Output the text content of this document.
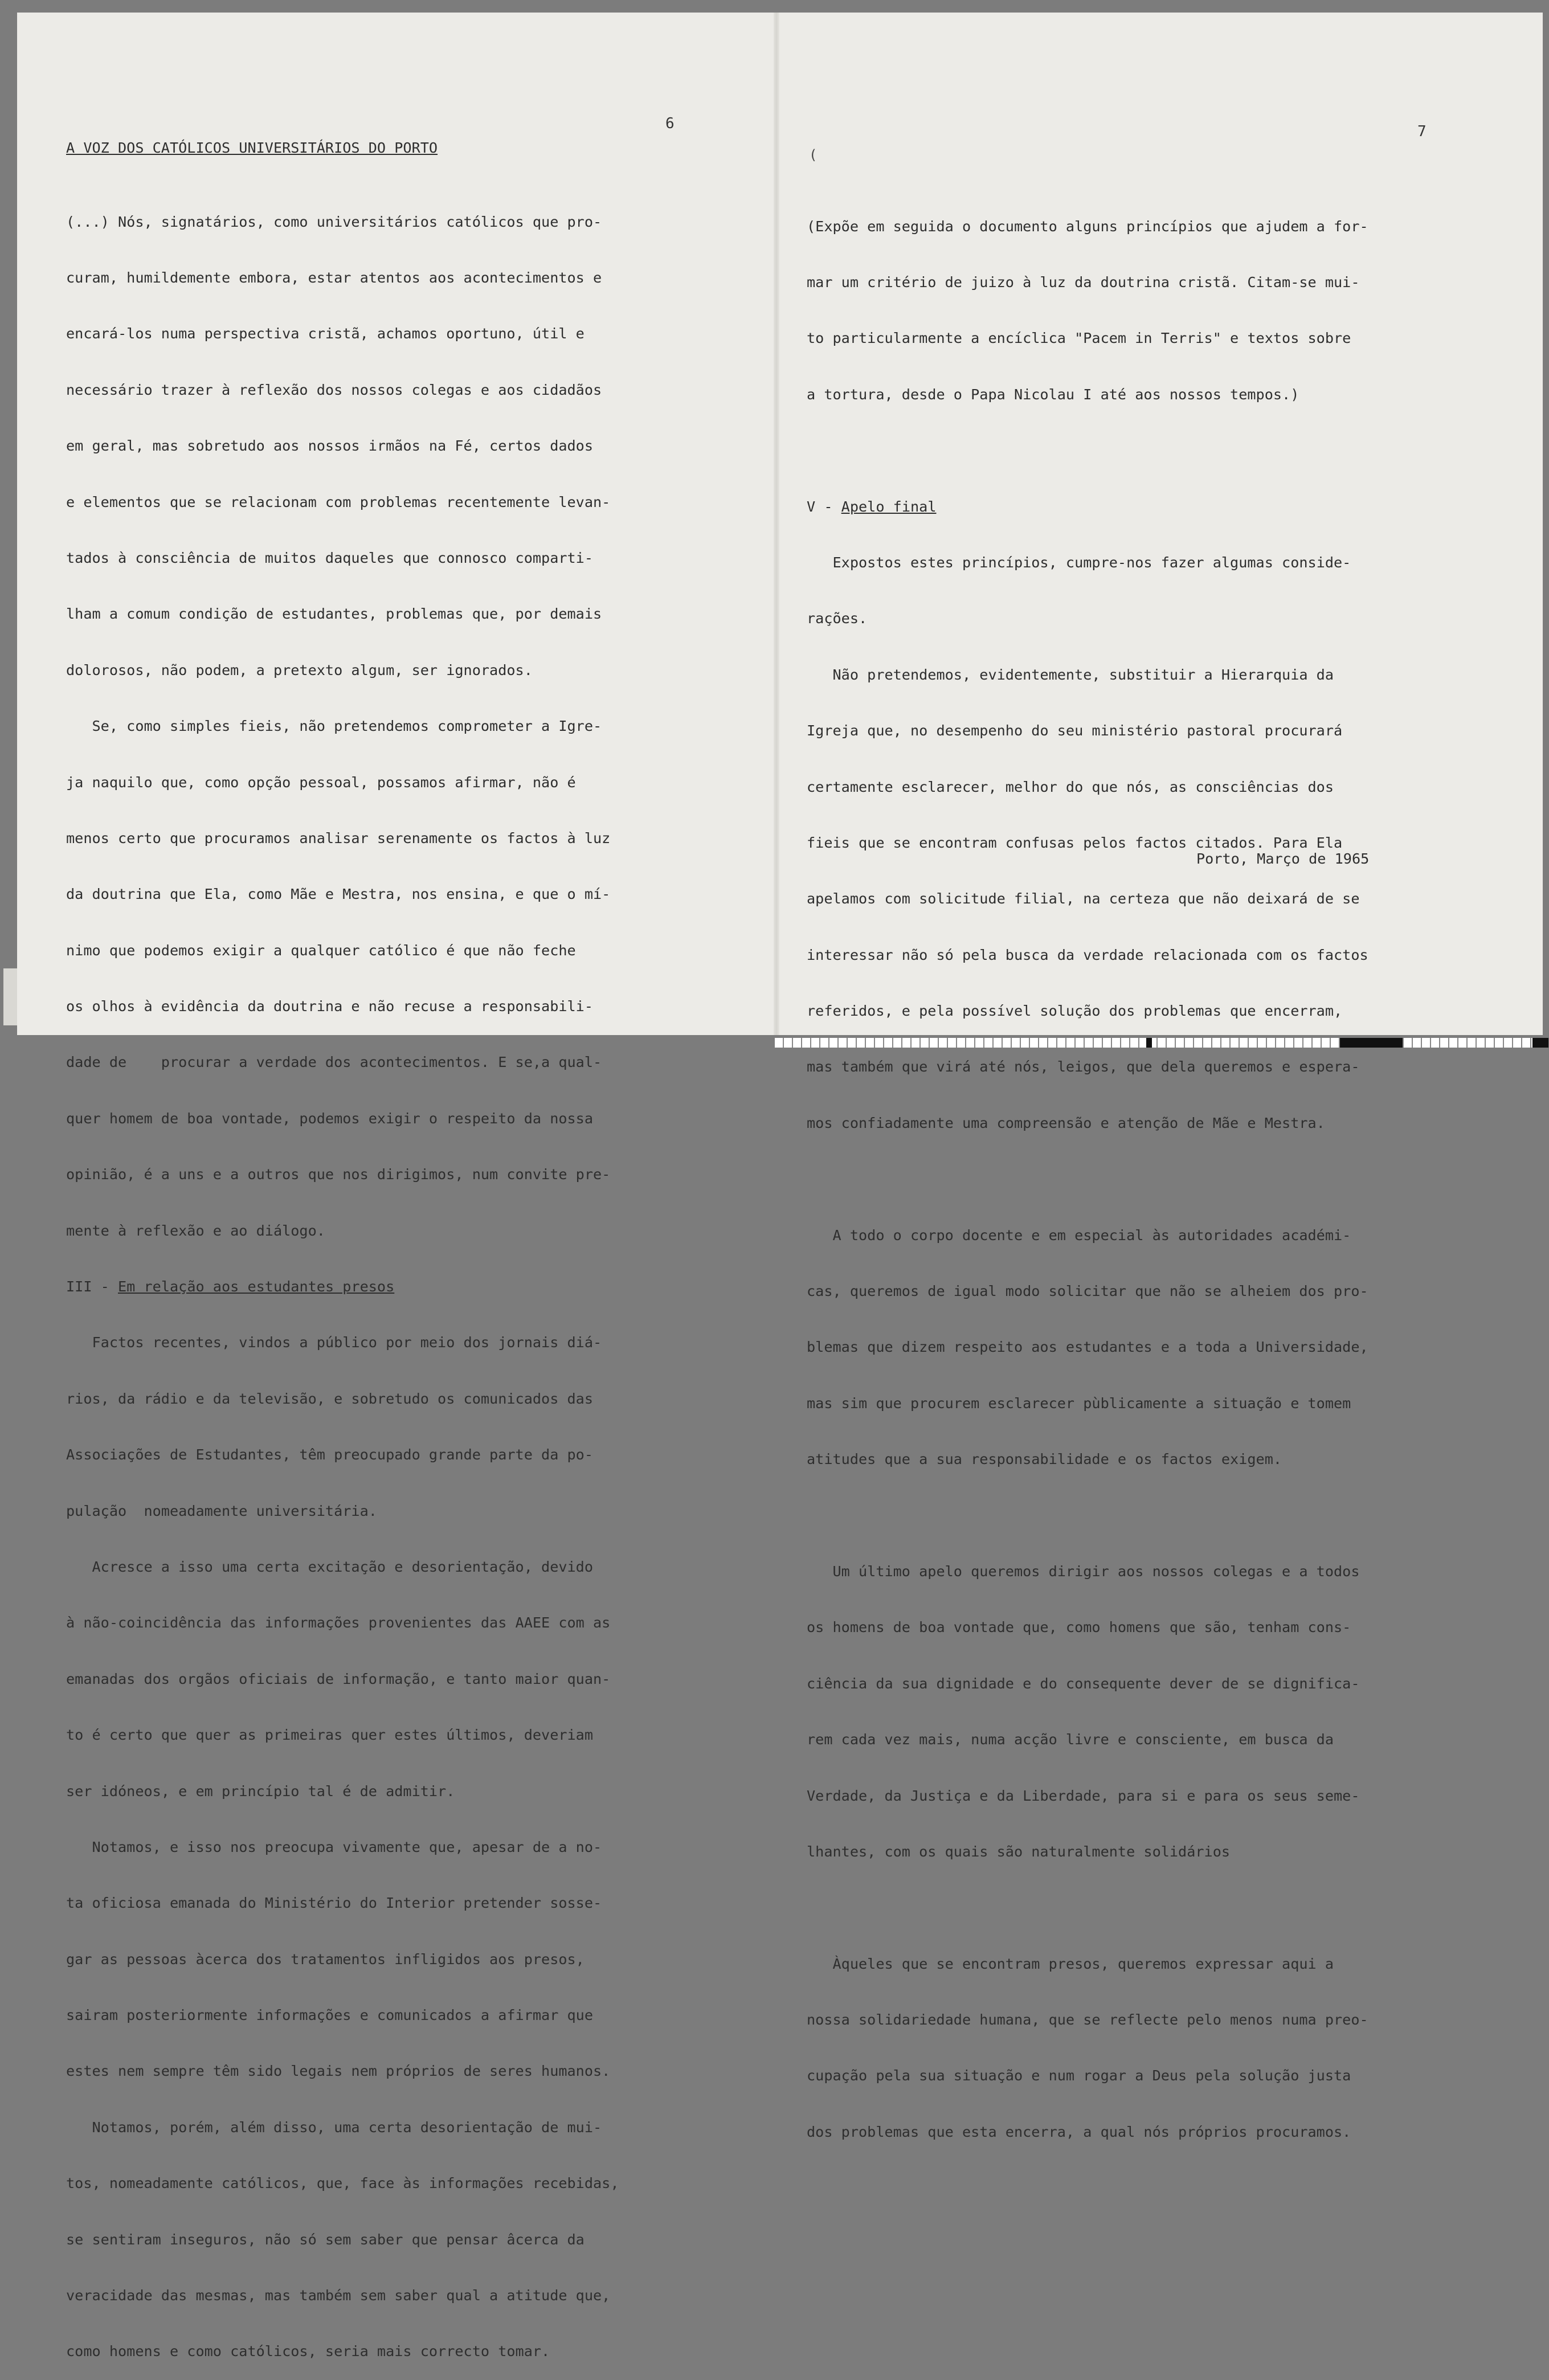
6
A VOZ DOS CATÓLICOS UNIVERSITÁRIOS DO PORTO

(...) Nós, signatários, como universitários católicos que pro-

curam, humildemente embora, estar atentos aos acontecimentos e

encará-los numa perspectiva cristã, achamos oportuno, útil e

necessário trazer à reflexão dos nossos colegas e aos cidadãos

em geral, mas sobretudo aos nossos irmãos na Fé, certos dados

e elementos que se relacionam com problemas recentemente levan-

tados à consciência de muitos daqueles que connosco comparti-

lham a comum condição de estudantes, problemas que, por demais

dolorosos, não podem, a pretexto algum, ser ignorados.

Se, como simples fieis, não pretendemos comprometer a Igre-

ja naquilo que, como opção pessoal, possamos afirmar, não é

menos certo que procuramos analisar serenamente os factos à luz

da doutrina que Ela, como Mãe e Mestra, nos ensina, e que o mí-

nimo que podemos exigir a qualquer católico é que não feche

os olhos à evidência da doutrina e não recuse a responsabili-

dade de    procurar a verdade dos acontecimentos. E se,a qual-

quer homem de boa vontade, podemos exigir o respeito da nossa

opinião, é a uns e a outros que nos dirigimos, num convite pre-

mente à reflexão e ao diálogo.

III - Em relação aos estudantes presos

Factos recentes, vindos a público por meio dos jornais diá-

rios, da rádio e da televisão, e sobretudo os comunicados das

Associações de Estudantes, têm preocupado grande parte da po-

pulação  nomeadamente universitária.

Acresce a isso uma certa excitação e desorientação, devido

à não-coincidência das informações provenientes das AAEE com as

emanadas dos orgãos oficiais de informação, e tanto maior quan-

to é certo que quer as primeiras quer estes últimos, deveriam

ser idóneos, e em princípio tal é de admitir.

Notamos, e isso nos preocupa vivamente que, apesar de a no-

ta oficiosa emanada do Ministério do Interior pretender sosse-

gar as pessoas àcerca dos tratamentos infligidos aos presos,

sairam posteriormente informações e comunicados a afirmar que

estes nem sempre têm sido legais nem próprios de seres humanos.

Notamos, porém, além disso, uma certa desorientação de mui-

tos, nomeadamente católicos, que, face às informações recebidas,

se sentiram inseguros, não só sem saber que pensar âcerca da

veracidade das mesmas, mas também sem saber qual a atitude que,

como homens e como católicos, seria mais correcto tomar.

7
(

(Expõe em seguida o documento alguns princípios que ajudem a for-

mar um critério de juizo à luz da doutrina cristã. Citam-se mui-

to particularmente a encíclica "Pacem in Terris" e textos sobre

a tortura, desde o Papa Nicolau I até aos nossos tempos.)

V - Apelo final

Expostos estes princípios, cumpre-nos fazer algumas conside-

rações.

Não pretendemos, evidentemente, substituir a Hierarquia da

Igreja que, no desempenho do seu ministério pastoral procurará

certamente esclarecer, melhor do que nós, as consciências dos

fieis que se encontram confusas pelos factos citados. Para Ela

apelamos com solicitude filial, na certeza que não deixará de se

interessar não só pela busca da verdade relacionada com os factos

referidos, e pela possível solução dos problemas que encerram,

mas também que virá até nós, leigos, que dela queremos e espera-

mos confiadamente uma compreensão e atenção de Mãe e Mestra.

A todo o corpo docente e em especial às autoridades académi-

cas, queremos de igual modo solicitar que não se alheiem dos pro-

blemas que dizem respeito aos estudantes e a toda a Universidade,

mas sim que procurem esclarecer pùblicamente a situação e tomem

atitudes que a sua responsabilidade e os factos exigem.

Um último apelo queremos dirigir aos nossos colegas e a todos

os homens de boa vontade que, como homens que são, tenham cons-

ciência da sua dignidade e do consequente dever de se dignifica-

rem cada vez mais, numa acção livre e consciente, em busca da

Verdade, da Justiça e da Liberdade, para si e para os seus seme-

lhantes, com os quais são naturalmente solidários

Àqueles que se encontram presos, queremos expressar aqui a

nossa solidariedade humana, que se reflecte pelo menos numa preo-

cupação pela sua situação e num rogar a Deus pela solução justa

dos problemas que esta encerra, a qual nós próprios procuramos.

Porto, Março de 1965
